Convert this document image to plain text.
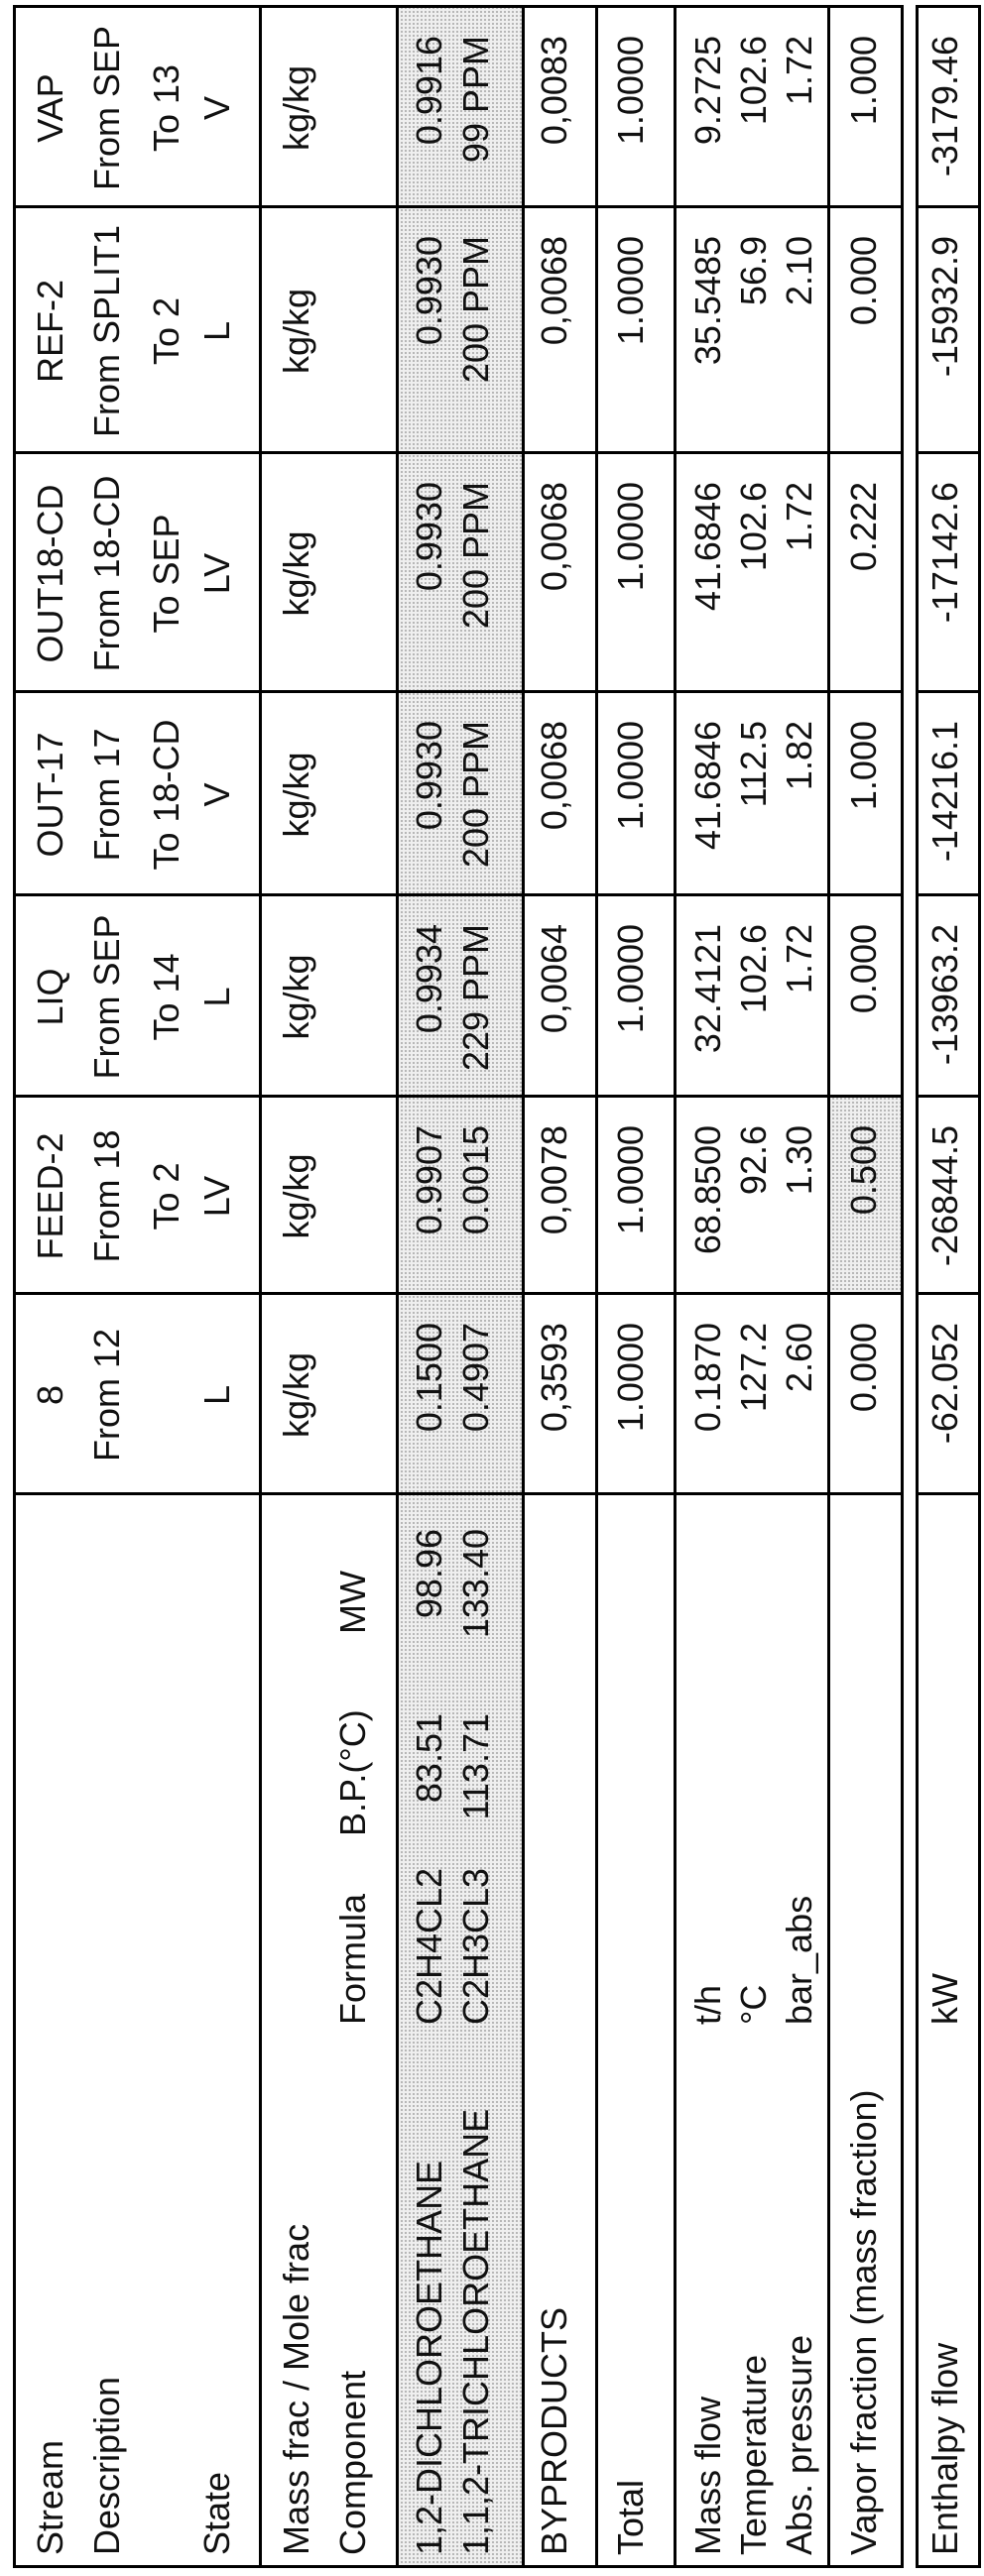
Stream Description State Mass frac / Mole frac Component
Formula
B.P.(°C)
MW
1,2-DICHLOROETHANE
C2H4CL2
83.51
98.96
1,1,2-TRICHLOROETHANE
C2H3CL3
113.71
133.40
BYPRODUCTS Total Mass flow
t/h
Temperature
°C
Abs. pressure
bar_abs
Vapor fraction (mass fraction) Enthalpy flow
kW
8 From 12 L kg/kg	0.1500 0.4907 0,3593 1.0000 0.1870 127.2 2.60 0.000 -62.052
FEED-2 From 18 To 2 LV kg/kg	0.9907 0.0015 0,0078 1.0000 68.8500 92.6 1.30 0.500 -26844.5
LIQ From SEP To 14 L kg/kg	0.9934 229 PPM 0,0064 1.0000 32.4121 102.6 1.72 0.000 -13963.2
OUT-17 From 17 To 18-CD V kg/kg	0.9930 200 PPM 0,0068 1.0000 41.6846 112.5 1.82 1.000 -14216.1
OUT18-CD From 18-CD To SEP LV kg/kg	0.9930 200 PPM 0,0068 1.0000 41.6846 102.6 1.72 0.222 -17142.6
REF-2 From SPLIT1 To 2 L kg/kg	0.9930 200 PPM 0,0068 1.0000 35.5485 56.9 2.10 0.000 -15932.9
VAP From SEP To 13 V kg/kg	0.9916 99 PPM 0,0083 1.0000 9.2725 102.6 1.72 1.000 -3179.46
